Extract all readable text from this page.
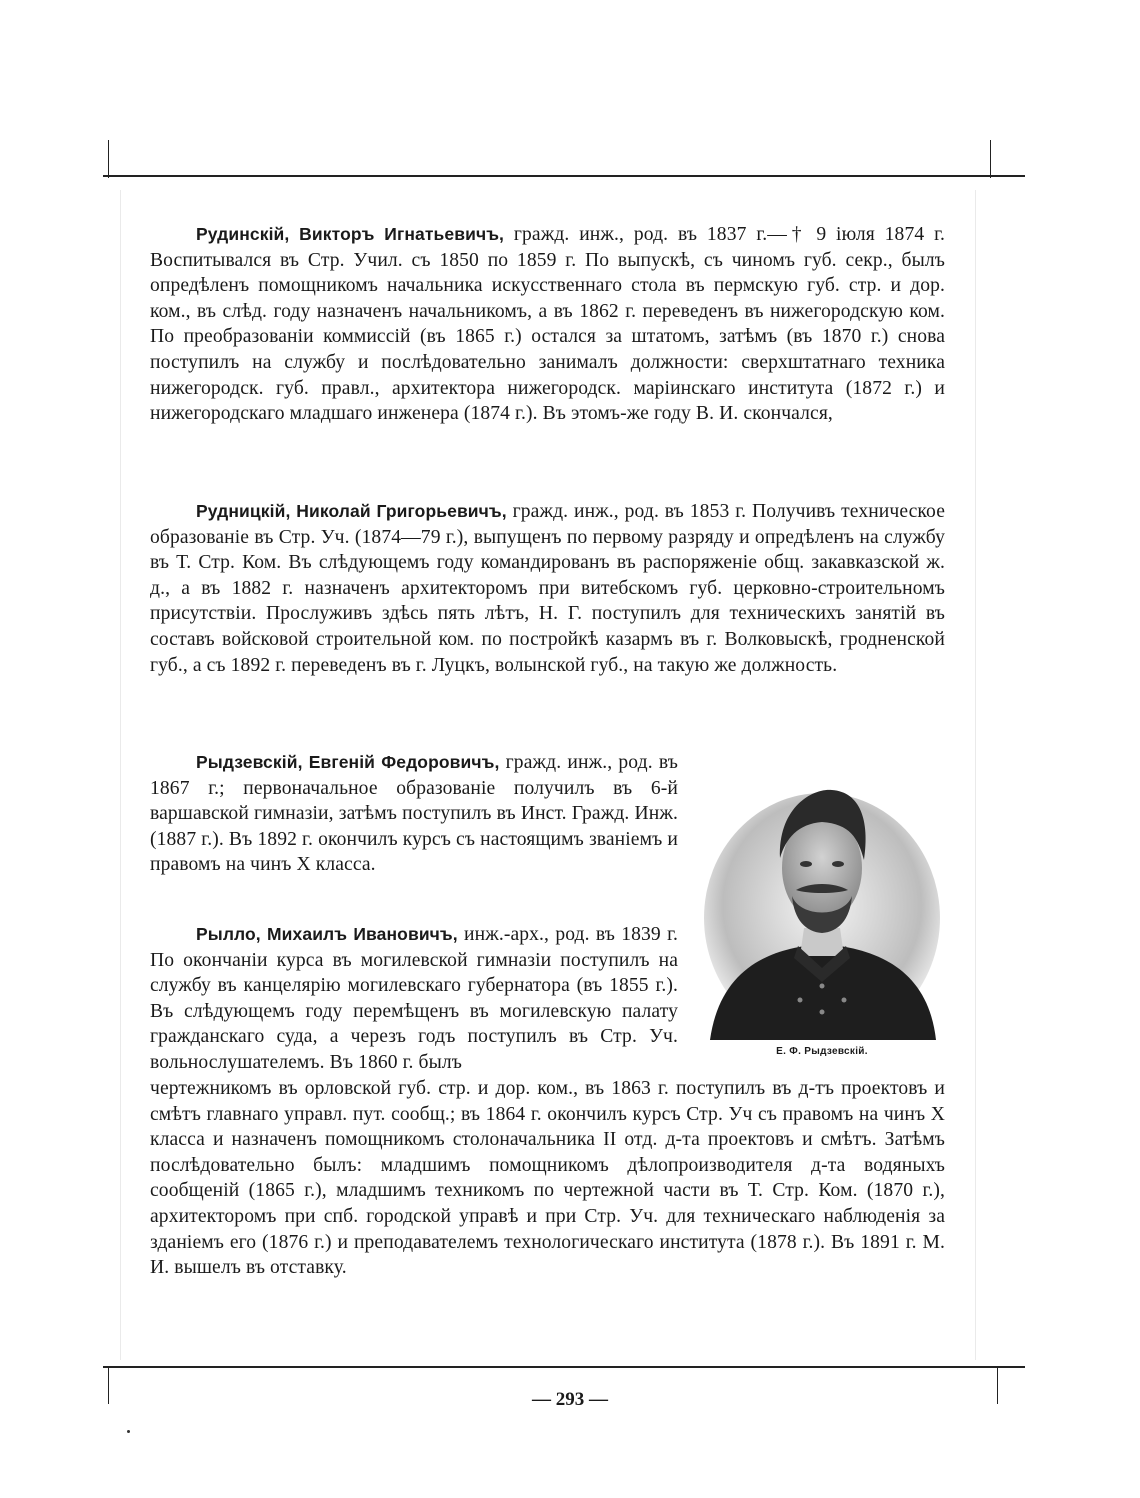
Рудинскій, Викторъ Игнатьевичъ, гражд. инж., род. въ 1837 г.—† 9 іюля 1874 г. Воспитывался въ Стр. Учил. съ 1850 по 1859 г. По выпускѣ, съ чиномъ губ. секр., былъ опредѣленъ помощникомъ начальника искусственнаго стола въ пермскую губ. стр. и дор. ком., въ слѣд. году назначенъ начальникомъ, а въ 1862 г. переведенъ въ нижегородскую ком. По преобразованіи коммиссій (въ 1865 г.) остался за штатомъ, затѣмъ (въ 1870 г.) снова поступилъ на службу и послѣдовательно занималъ должности: сверхштатнаго техника нижегородск. губ. правл., архитектора нижегородск. маріинскаго института (1872 г.) и нижегородскаго младшаго инженера (1874 г.). Въ этомъ-же году В. И. скончался,

Рудницкій, Николай Григорьевичъ, гражд. инж., род. въ 1853 г. Получивъ техническое образованіе въ Стр. Уч. (1874—79 г.), выпущенъ по первому разряду и опредѣленъ на службу въ Т. Стр. Ком. Въ слѣдующемъ году командированъ въ распоряженіе общ. закавказской ж. д., а въ 1882 г. назначенъ архитекторомъ при витебскомъ губ. церковно-строительномъ присутствіи. Прослуживъ здѣсь пять лѣтъ, Н. Г. поступилъ для техническихъ занятій въ составъ войсковой строительной ком. по постройкѣ казармъ въ г. Волковыскѣ, гродненской губ., а съ 1892 г. переведенъ въ г. Луцкъ, волынской губ., на такую же должность.

Рыдзевскій, Евгеній Федоровичъ, гражд. инж., род. въ 1867 г.; первоначальное образованіе получилъ въ 6-й варшавской гимназіи, затѣмъ поступилъ въ Инст. Гражд. Инж. (1887 г.). Въ 1892 г. окончилъ курсъ съ настоящимъ званіемъ и правомъ на чинъ X класса.

Рылло, Михаилъ Ивановичъ, инж.-арх., род. въ 1839 г. По окончаніи курса въ могилевской гимназіи поступилъ на службу въ канцелярію могилевскаго губернатора (въ 1855 г.). Въ слѣдующемъ году перемѣщенъ въ могилевскую палату гражданскаго суда, а черезъ годъ поступилъ въ Стр. Уч. вольнослушателемъ. Въ 1860 г. былъ

чертежникомъ въ орловской губ. стр. и дор. ком., въ 1863 г. поступилъ въ д-тъ проектовъ и смѣтъ главнаго управл. пут. сообщ.; въ 1864 г. окончилъ курсъ Стр. Уч съ правомъ на чинъ X класса и назначенъ помощникомъ столоначальника II отд. д-та проектовъ и смѣтъ. Затѣмъ послѣдовательно былъ: младшимъ помощникомъ дѣлопроизводителя д-та водяныхъ сообщеній (1865 г.), младшимъ техникомъ по чертежной части въ Т. Стр. Ком. (1870 г.), архитекторомъ при спб. городской управѣ и при Стр. Уч. для техническаго наблюденія за зданіемъ его (1876 г.) и преподавателемъ технологическаго института (1878 г.). Въ 1891 г. М. И. вышелъ въ отставку.

Е. Ф. Рыдзевскій.
— 293 —
